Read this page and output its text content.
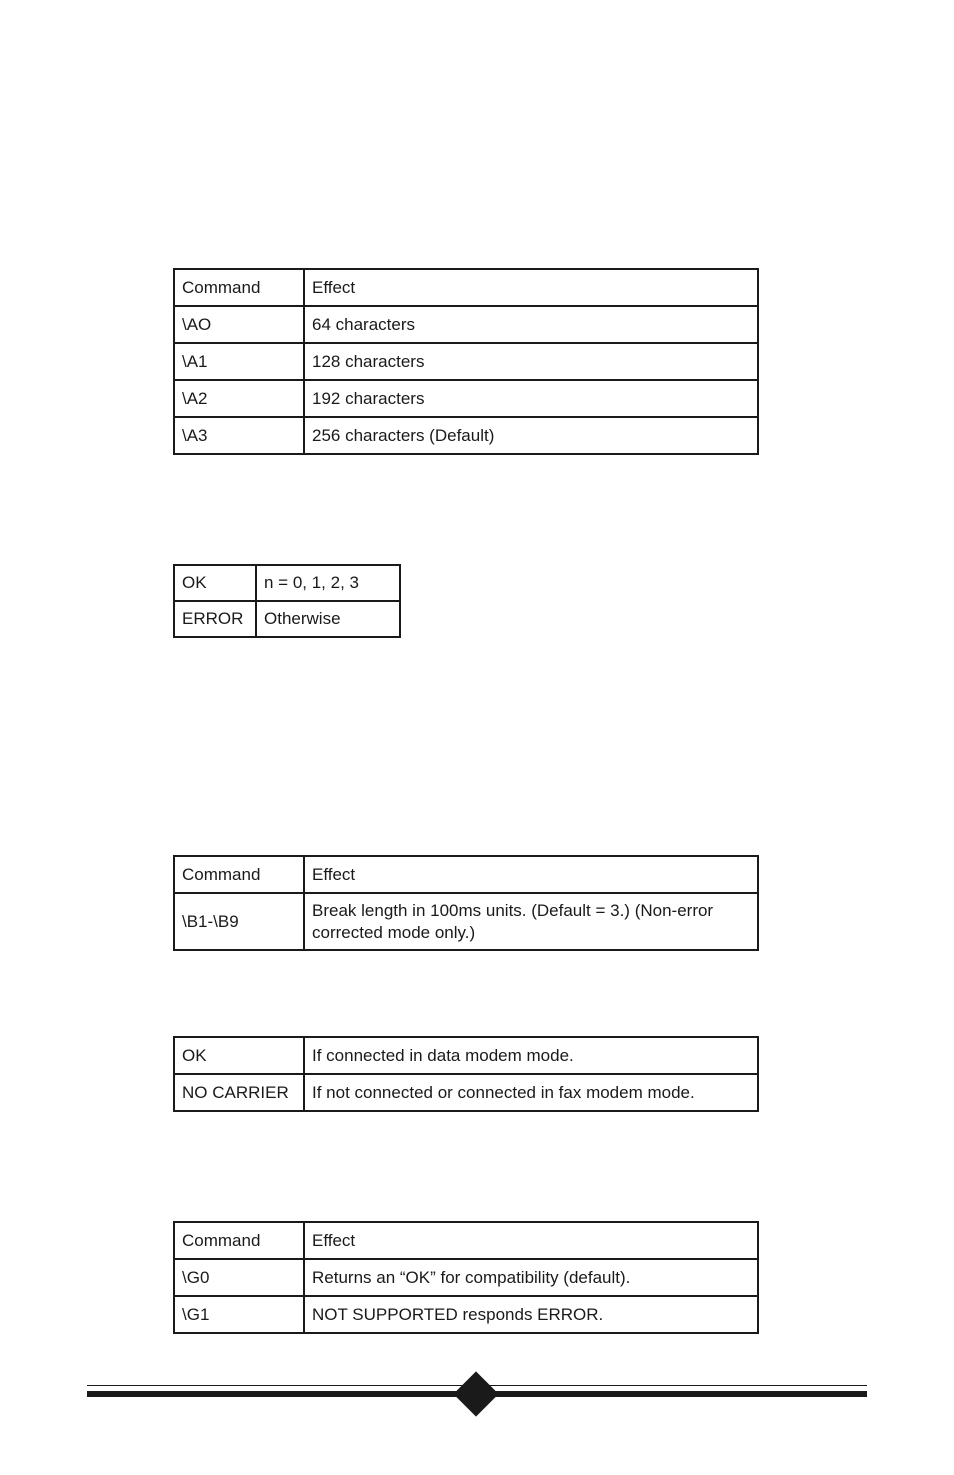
Command	Effect
\AO	64 characters
\A1	128 characters
\A2	192 characters
\A3	256 characters (Default)
OK	n = 0, 1, 2, 3
ERROR	Otherwise
Command	Effect
\B1-\B9	Break length in 100ms units. (Default = 3.) (Non-error corrected mode only.)
OK	If connected in data modem mode.
NO CARRIER	If not connected or connected in fax modem mode.
Command	Effect
\G0	Returns an “OK” for compatibility (default).
\G1	NOT SUPPORTED responds ERROR.
